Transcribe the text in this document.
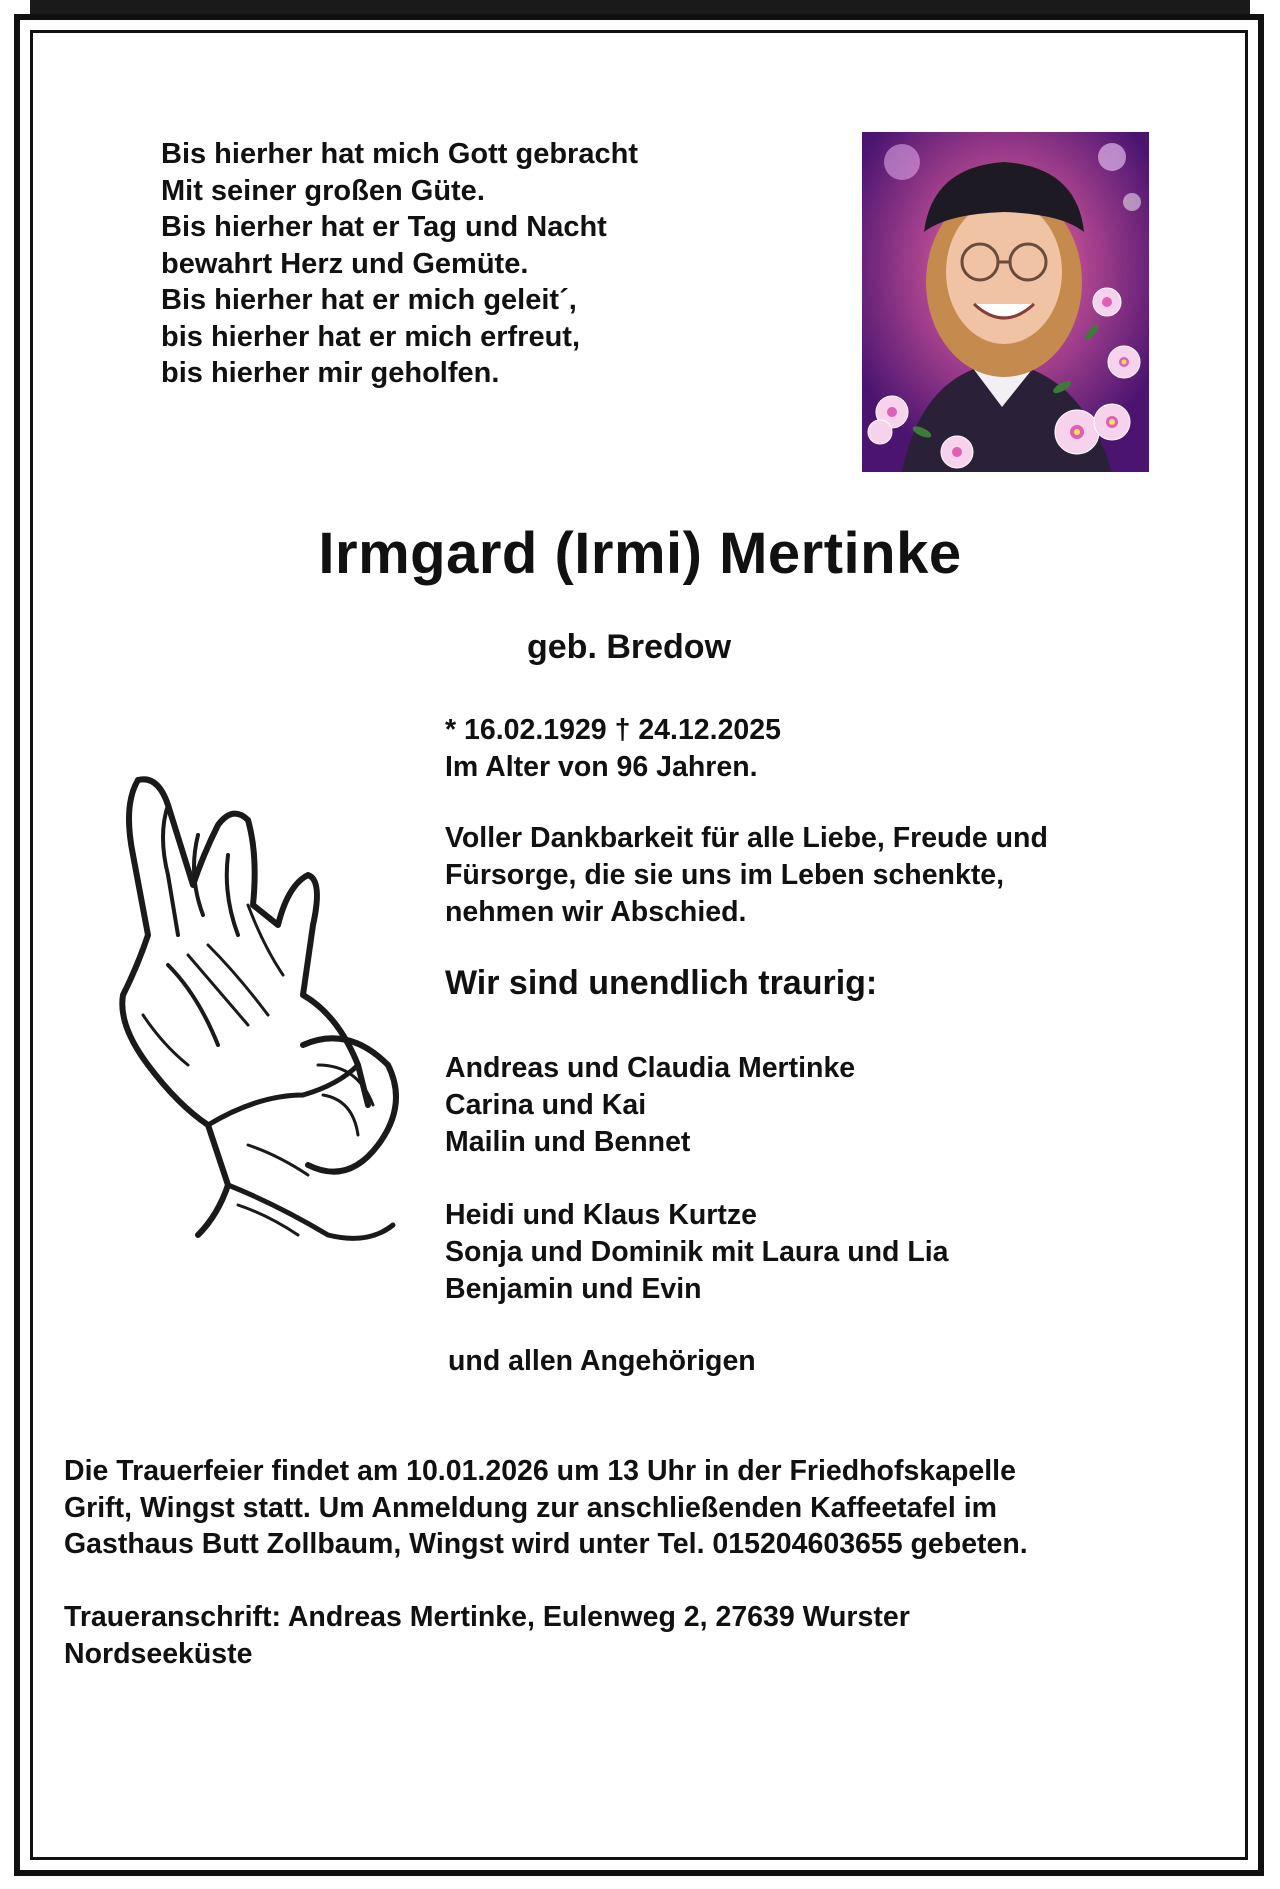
Bis hierher hat mich Gott gebracht
Mit seiner großen Güte.
Bis hierher hat er Tag und Nacht
bewahrt Herz und Gemüte.
Bis hierher hat er mich geleit´,
bis hierher hat er mich erfreut,
bis hierher mir geholfen.
Irmgard (Irmi) Mertinke
geb. Bredow
* 16.02.1929 † 24.12.2025
Im Alter von 96 Jahren.
Voller Dankbarkeit für alle Liebe, Freude und
Fürsorge, die sie uns im Leben schenkte,
nehmen wir Abschied.
Wir sind unendlich traurig:
Andreas und Claudia Mertinke
Carina und Kai
Mailin und Bennet
Heidi und Klaus Kurtze
Sonja und Dominik mit Laura und Lia
Benjamin und Evin
und allen Angehörigen
Die Trauerfeier findet am 10.01.2026 um 13 Uhr in der Friedhofskapelle
Grift, Wingst statt. Um Anmeldung zur anschließenden Kaffeetafel im
Gasthaus Butt Zollbaum, Wingst wird unter Tel. 015204603655 gebeten.
Traueranschrift: Andreas Mertinke, Eulenweg 2, 27639 Wurster
Nordseeküste
